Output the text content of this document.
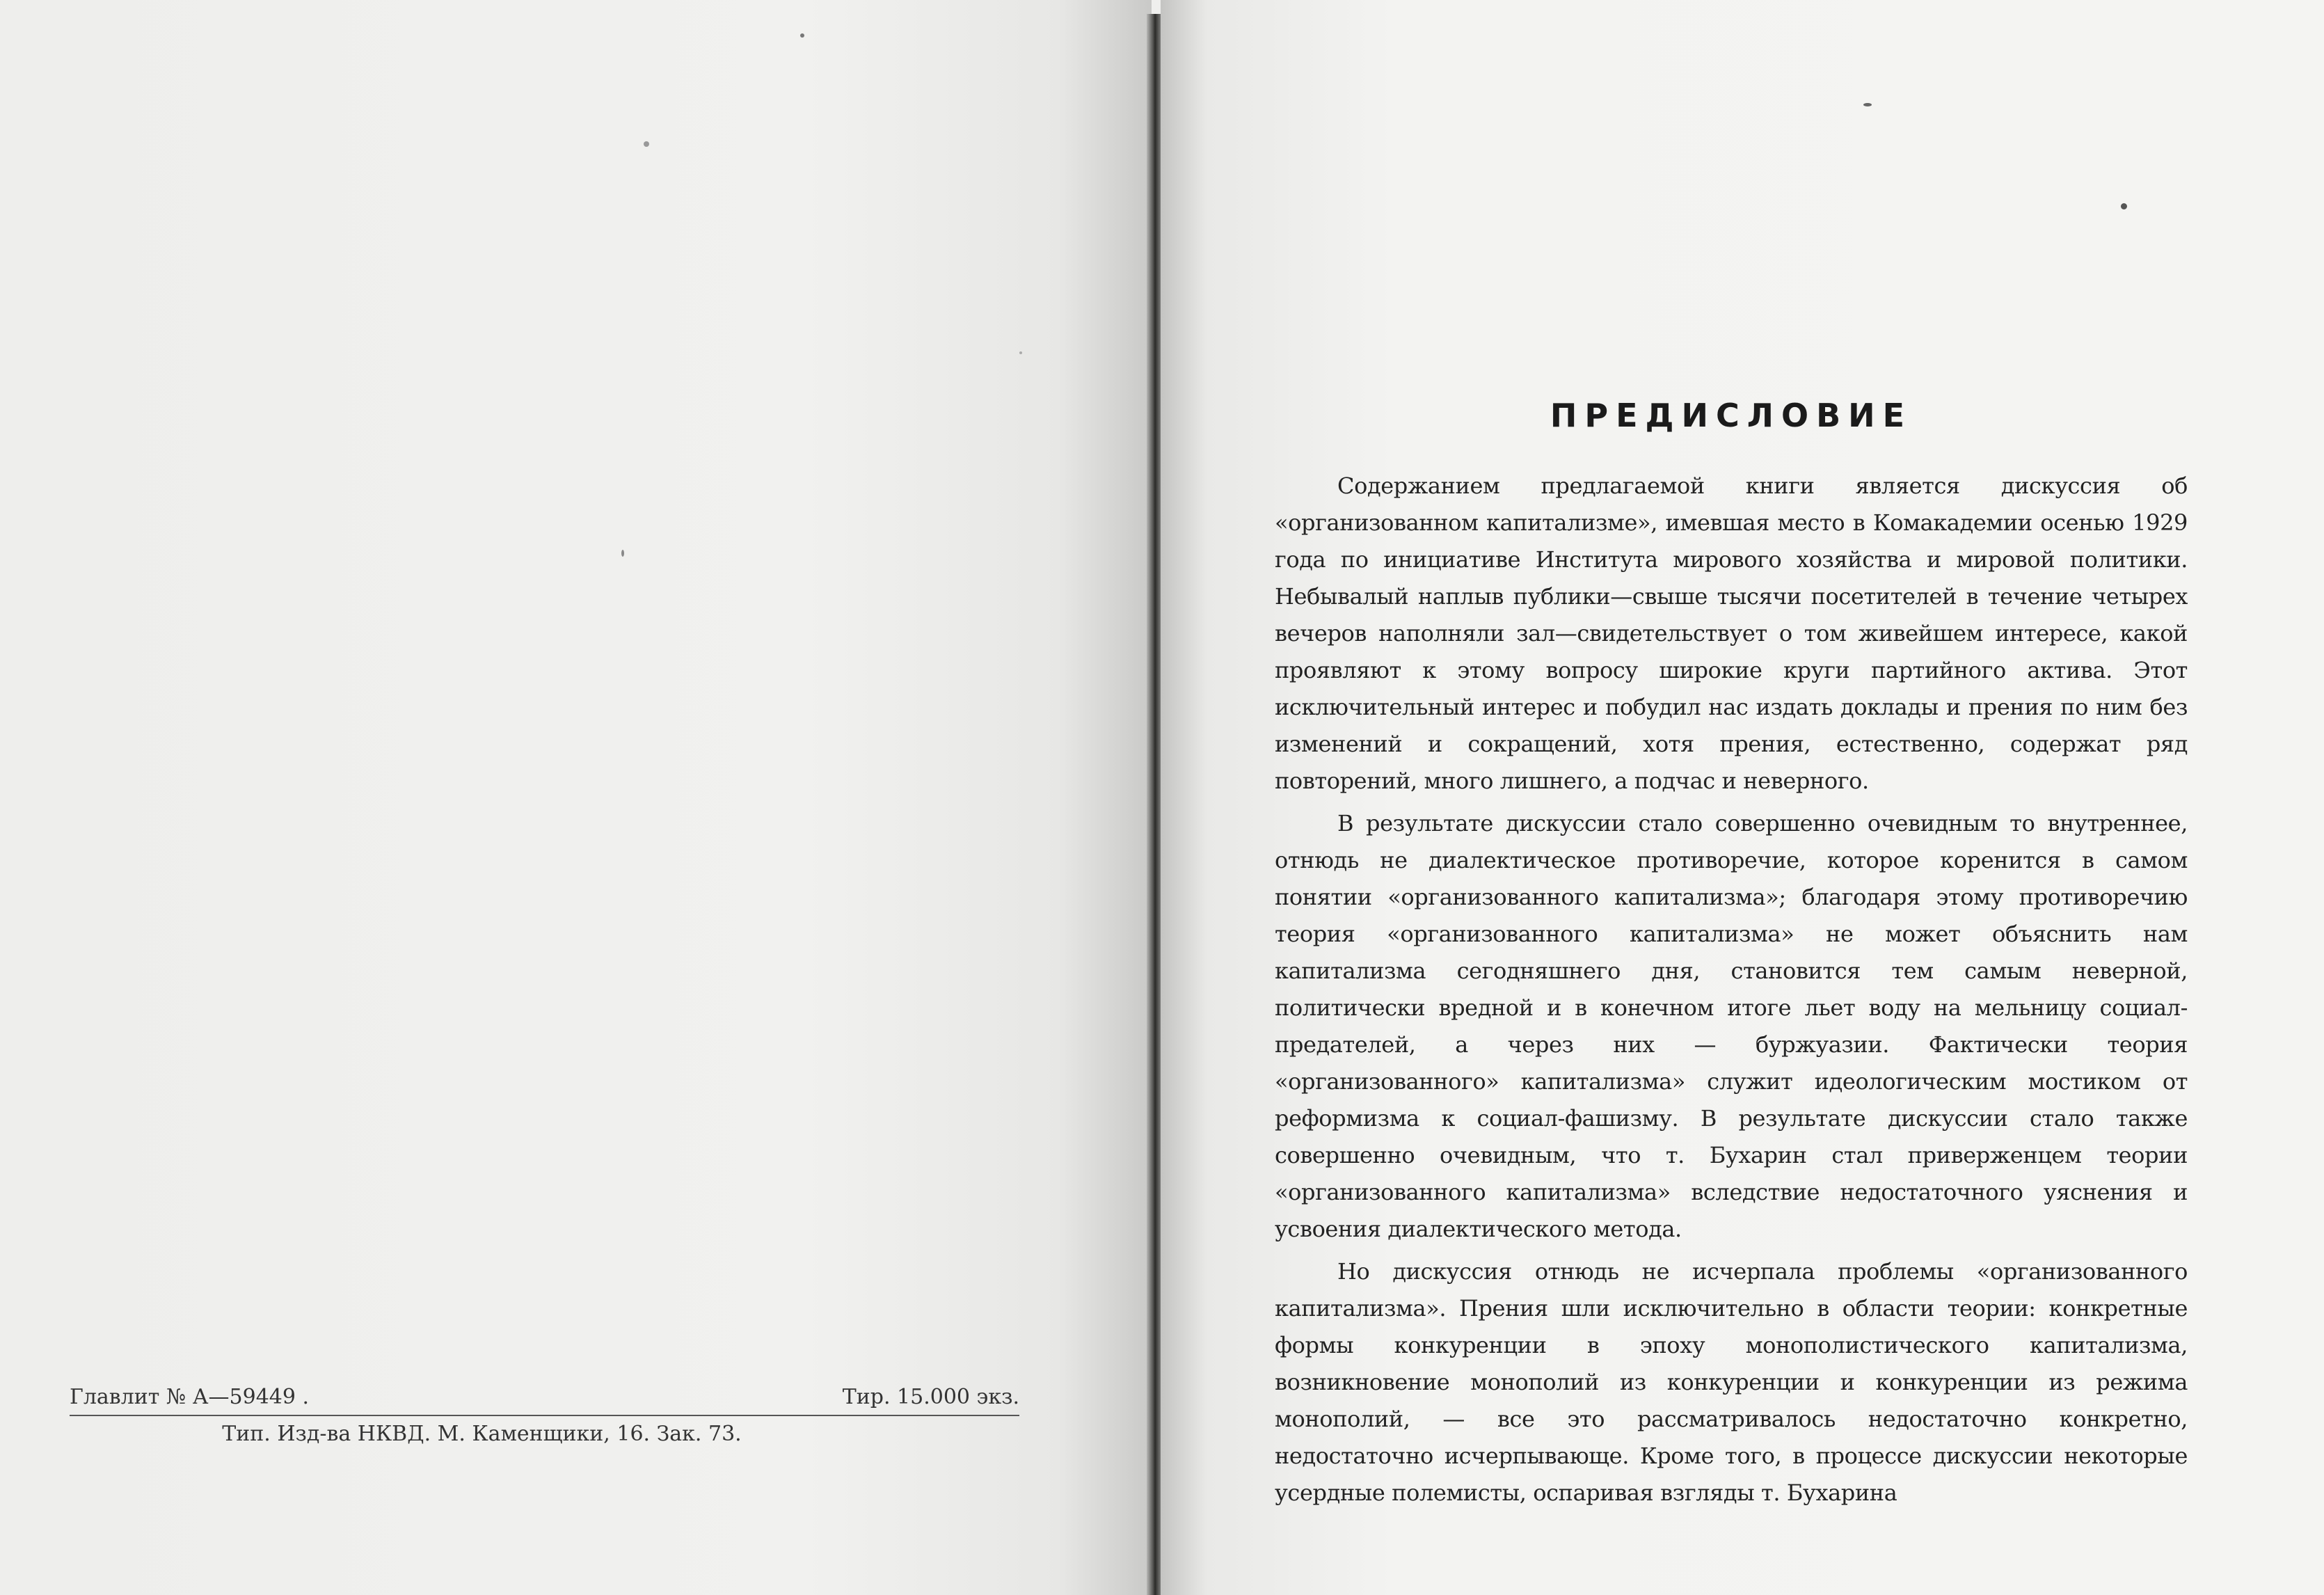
Главлит № А—59449 .	Тир. 15.000 экз.
Тип. Изд-ва НКВД. М. Каменщики, 16. Зак. 73.
ПРЕДИСЛОВИЕ

Содержанием предлагаемой книги является дискуссия об «организованном капитализме», имевшая место в Комакадемии осенью 1929 года по инициативе Института мирового хозяйства и мировой политики. Небывалый наплыв публики—свыше тысячи посетителей в течение четырех вечеров наполняли зал—свидетельствует о том живейшем интересе, какой проявляют к этому вопросу широкие круги партийного актива. Этот исключительный интерес и побудил нас издать доклады и прения по ним без изменений и сокращений, хотя прения, естественно, содержат ряд повторений, много лишнего, а подчас и неверного.

В результате дискуссии стало совершенно очевидным то внутреннее, отнюдь не диалектическое противоречие, которое коренится в самом понятии «организованного капитализма»; благодаря этому противоречию теория «организованного капитализма» не может объяснить нам капитализма сегодняшнего дня, становится тем самым неверной, политически вредной и в конечном итоге льет воду на мельницу социал-предателей, а через них — буржуазии. Фактически теория «организованного» капитализма» служит идеологическим мостиком от реформизма к социал-фашизму. В результате дискуссии стало также совершенно очевидным, что т. Бухарин стал приверженцем теории «организованного капитализма» вследствие недостаточного уяснения и усвоения диалектического метода.

Но дискуссия отнюдь не исчерпала проблемы «организованного капитализма». Прения шли исключительно в области теории: конкретные формы конкуренции в эпоху монополистического капитализма, возникновение монополий из конкуренции и конкуренции из режима монополий, — все это рассматривалось недостаточно конкретно, недостаточно исчерпывающе. Кроме того, в процессе дискуссии некоторые усердные полемисты, оспаривая взгляды т. Бухарина
